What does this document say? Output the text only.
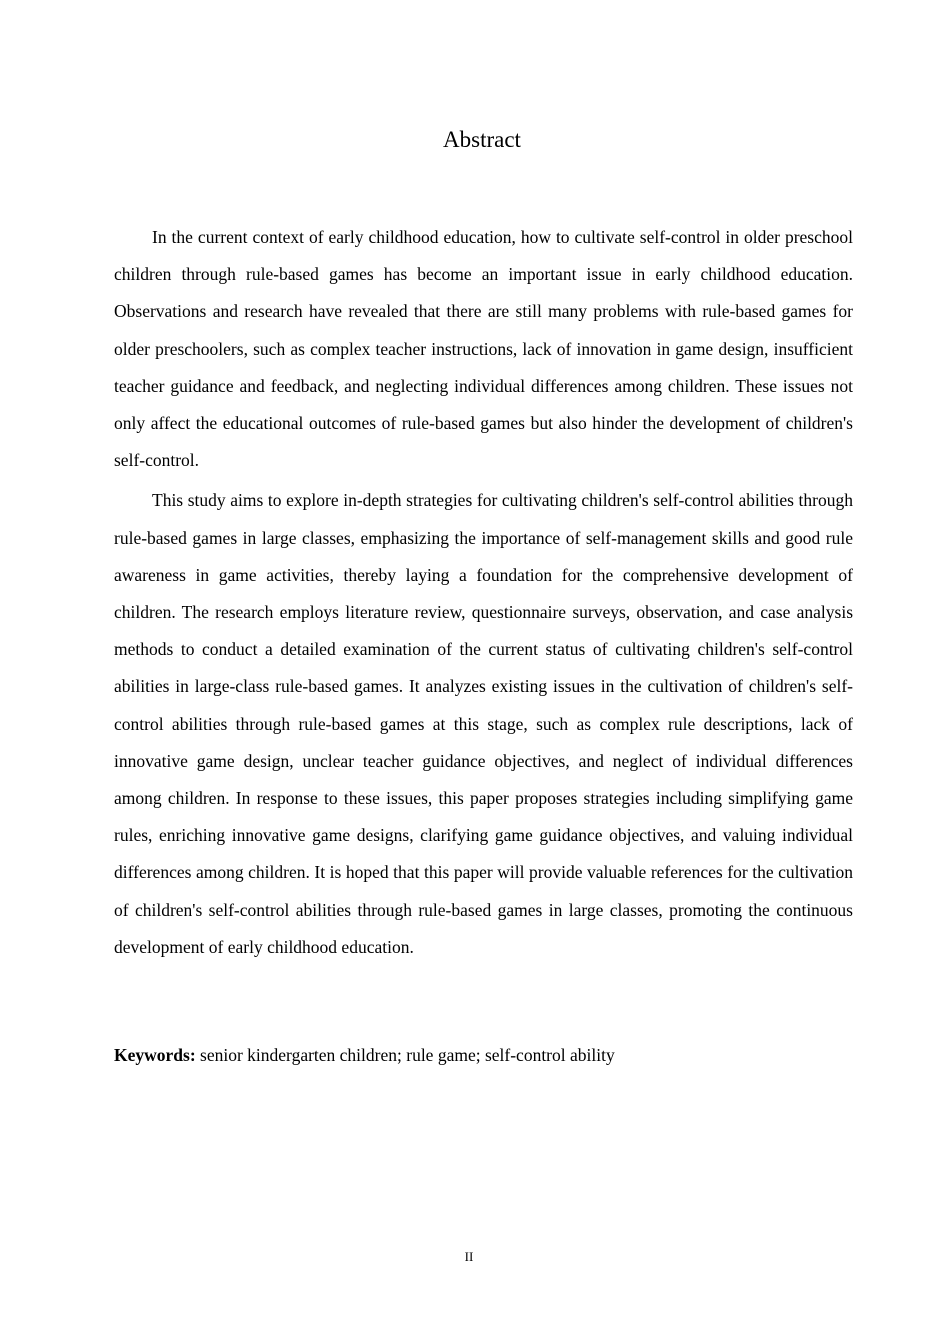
Abstract

In the current context of early childhood education, how to cultivate self-control in older preschool children through rule-based games has become an important issue in early childhood education. Observations and research have revealed that there are still many problems with rule-based games for older preschoolers, such as complex teacher instructions, lack of innovation in game design, insufficient teacher guidance and feedback, and neglecting individual differences among children. These issues not only affect the educational outcomes of rule-based games but also hinder the development of children's self-control.

This study aims to explore in-depth strategies for cultivating children's self-control abilities through rule-based games in large classes, emphasizing the importance of self-management skills and good rule awareness in game activities, thereby laying a foundation for the comprehensive development of children. The research employs literature review, questionnaire surveys, observation, and case analysis methods to conduct a detailed examination of the current status of cultivating children's self-control abilities in large-class rule-based games. It analyzes existing issues in the cultivation of children's self-control abilities through rule-based games at this stage, such as complex rule descriptions, lack of innovative game design, unclear teacher guidance objectives, and neglect of individual differences among children. In response to these issues, this paper proposes strategies including simplifying game rules, enriching innovative game designs, clarifying game guidance objectives, and valuing individual differences among children. It is hoped that this paper will provide valuable references for the cultivation of children's self-control abilities through rule-based games in large classes, promoting the continuous development of early childhood education.

Keywords: senior kindergarten children; rule game; self-control ability

II
